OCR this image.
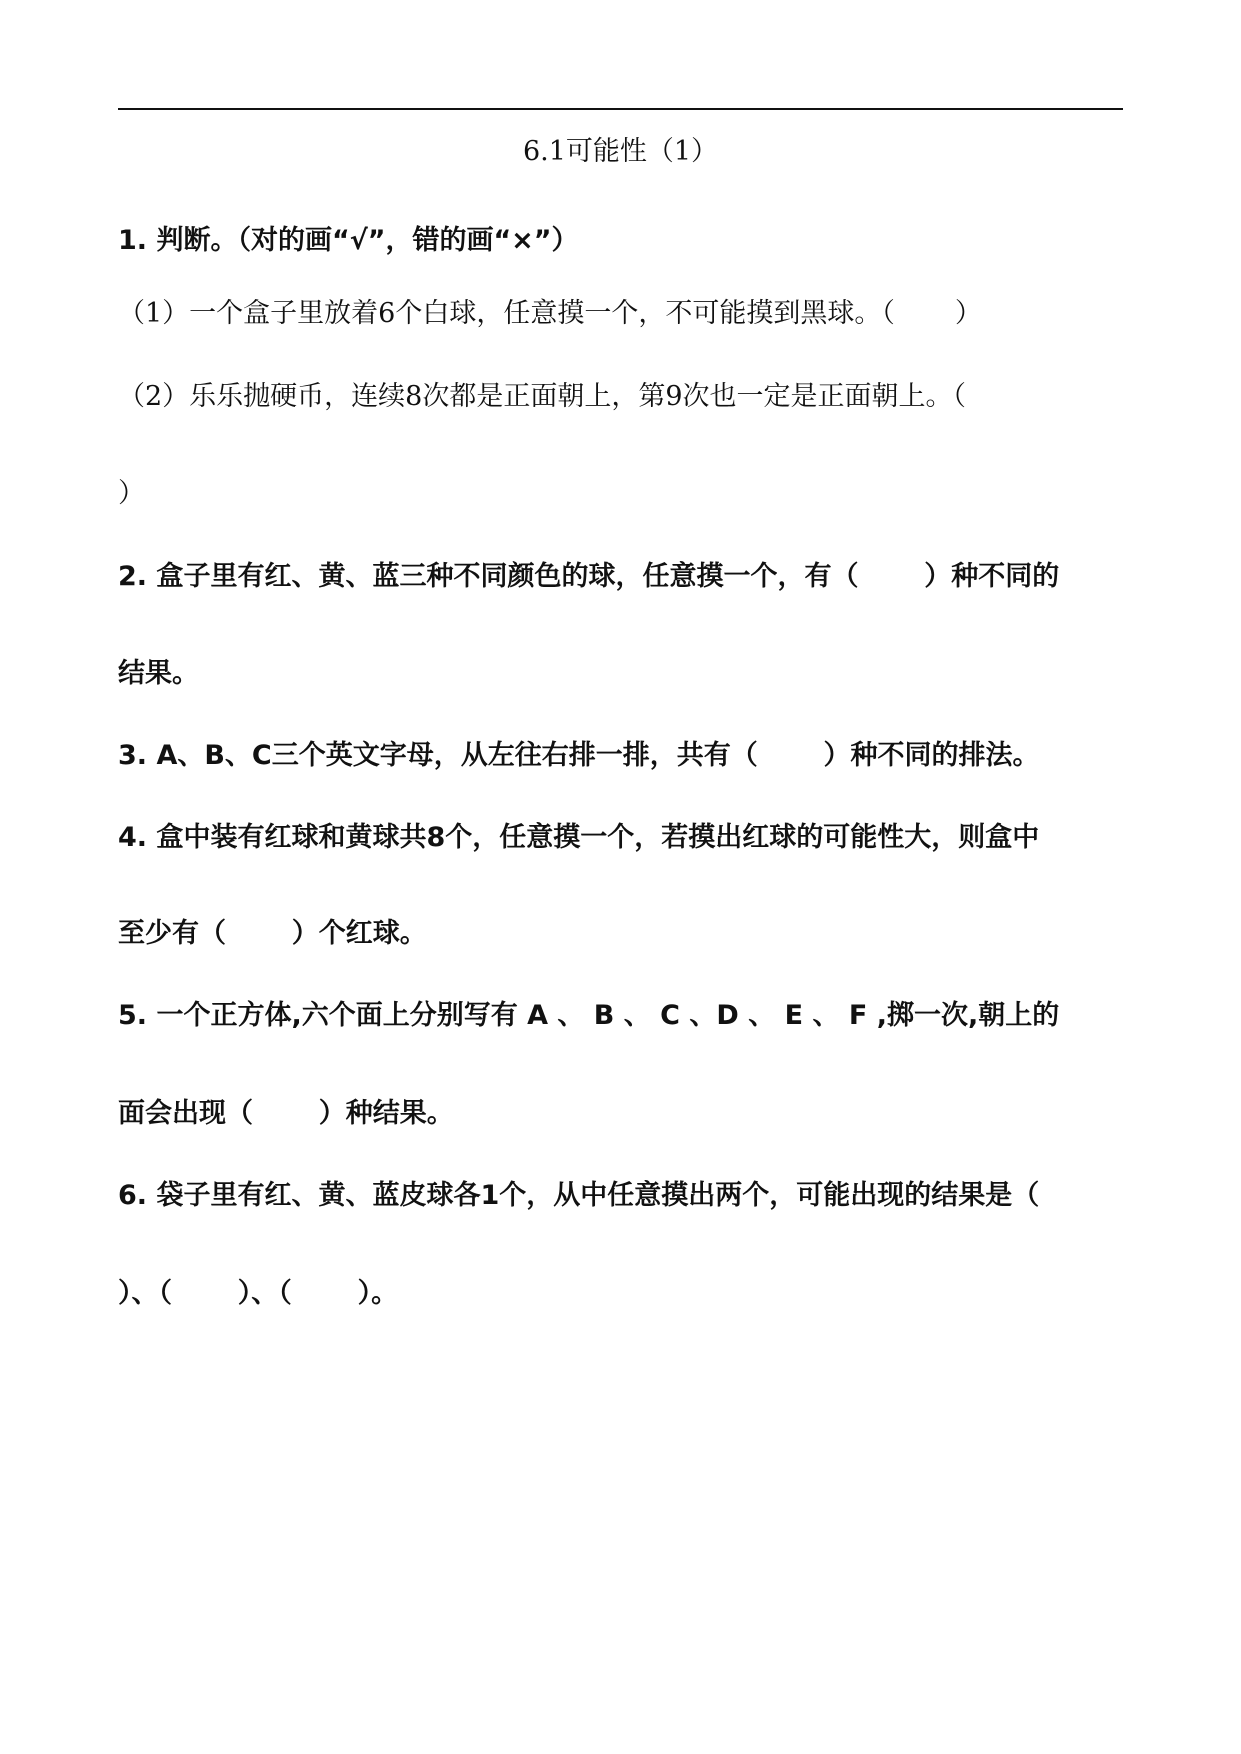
6.1可能性（1）
1. 判断。（对的画“√”，错的画“×”）
（1）一个盒子里放着6个白球，任意摸一个，不可能摸到黑球。（       ）
（2）乐乐抛硬币，连续8次都是正面朝上，第9次也一定是正面朝上。（
）
2. 盒子里有红、黄、蓝三种不同颜色的球，任意摸一个，有（       ）种不同的
结果。
3. A、B、C三个英文字母，从左往右排一排，共有（       ）种不同的排法。
4. 盒中装有红球和黄球共8个，任意摸一个，若摸出红球的可能性大，则盒中
至少有（       ）个红球。
5. 一个正方体,六个面上分别写有 A 、 B 、 C 、D 、 E 、 F ,掷一次,朝上的
面会出现（       ）种结果。
6. 袋子里有红、黄、蓝皮球各1个，从中任意摸出两个，可能出现的结果是（
）、（       ）、（       ）。
